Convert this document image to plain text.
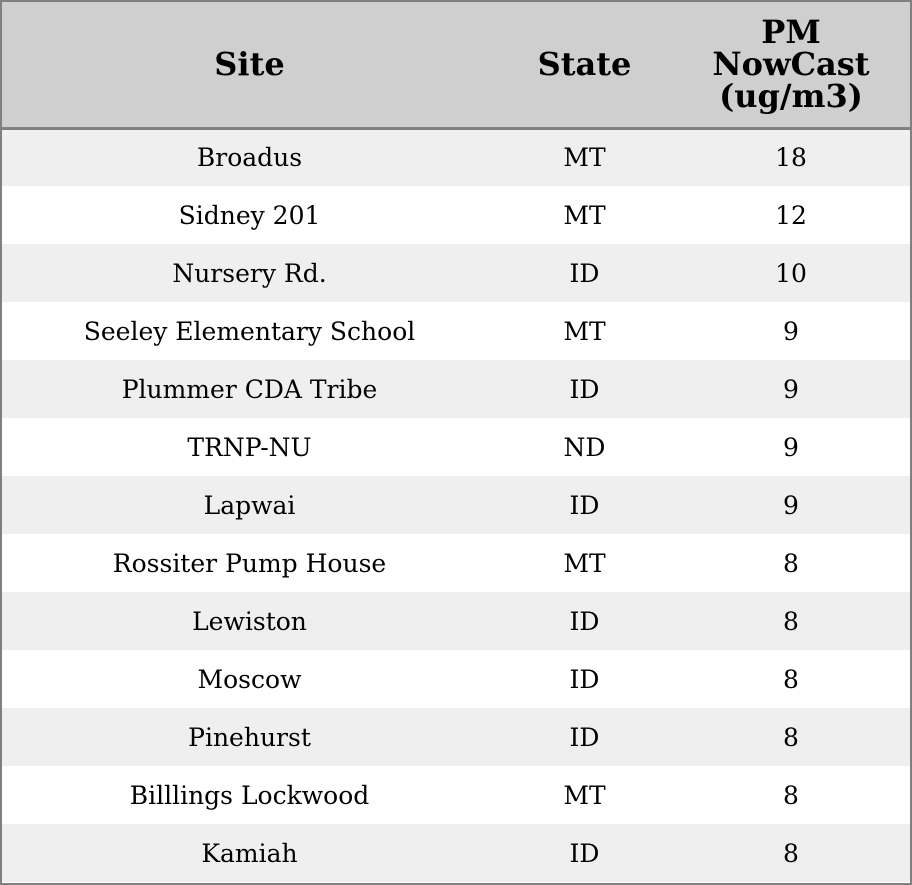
Site	State	PM
NowCast
(ug/m3)

Broadus	MT	18
Sidney 201	MT	12
Nursery Rd.	ID	10
Seeley Elementary School	MT	9
Plummer CDA Tribe	ID	9
TRNP-NU	ND	9
Lapwai	ID	9
Rossiter Pump House	MT	8
Lewiston	ID	8
Moscow	ID	8
Pinehurst	ID	8
Billlings Lockwood	MT	8
Kamiah	ID	8
